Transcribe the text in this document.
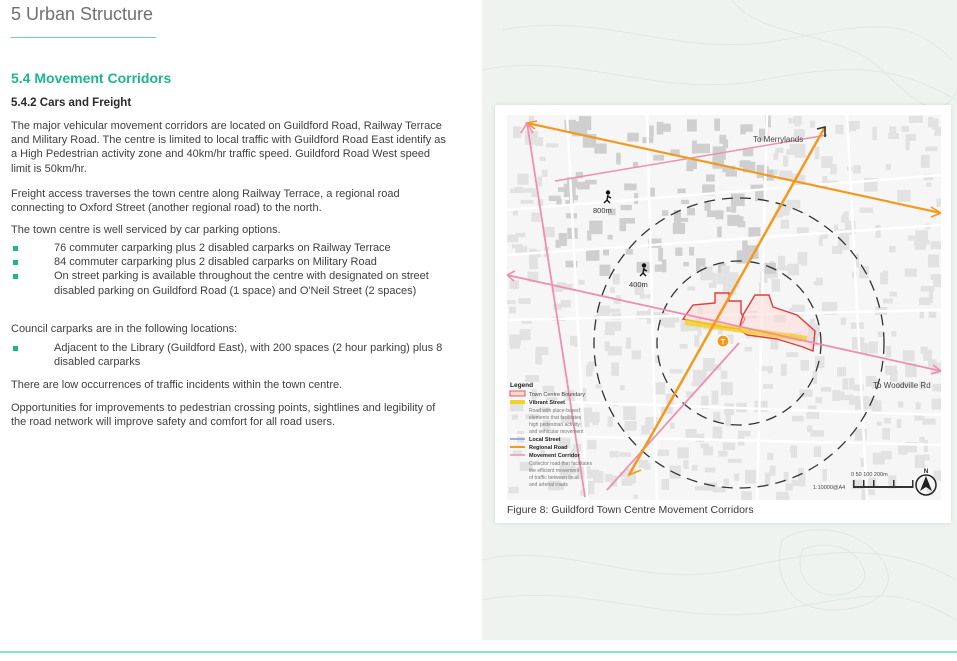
5 Urban Structure
5.4 Movement Corridors
5.4.2 Cars and Freight

The major vehicular movement corridors are located on Guildford Road, Railway Terrace and Military Road. The centre is limited to local traffic with Guildford Road East identify as a High Pedestrian activity zone and 40km/hr traffic speed. Guildford Road West speed limit is 50km/hr.

Freight access traverses the town centre along Railway Terrace, a regional road connecting to Oxford Street (another regional road) to the north.

The town centre is well serviced by car parking options.

76 commuter carparking plus 2 disabled carparks on Railway Terrace
84 commuter carparking plus 2 disabled carparks on Military Road
On street parking is available throughout the centre with designated on street disabled parking on Guildford Road (1 space) and O'Neil Street (2 spaces)

Council carparks are in the following locations:

Adjacent to the Library (Guildford East), with 200 spaces (2 hour parking) plus 8 disabled carparks

There are low occurrences of traffic incidents within the town centre.

Opportunities for improvements to pedestrian crossing points, sightlines and legibility of the road network will improve safety and comfort for all road users.

T
To Merrylands
To Woodville Rd
800m
400m
Legend
Town Centre Boundary
Vibrant Street
Road with place-based
elements that facilitates
high pedestrian activity
and vehicular movement
Local Street
Regional Road
Movement Corridor
Collector road that facilitates
the efficient movement
of traffic between local
and arterial roads
0 50 100 200m
1:10000@A4
N
Figure 8: Guildford Town Centre Movement Corridors
